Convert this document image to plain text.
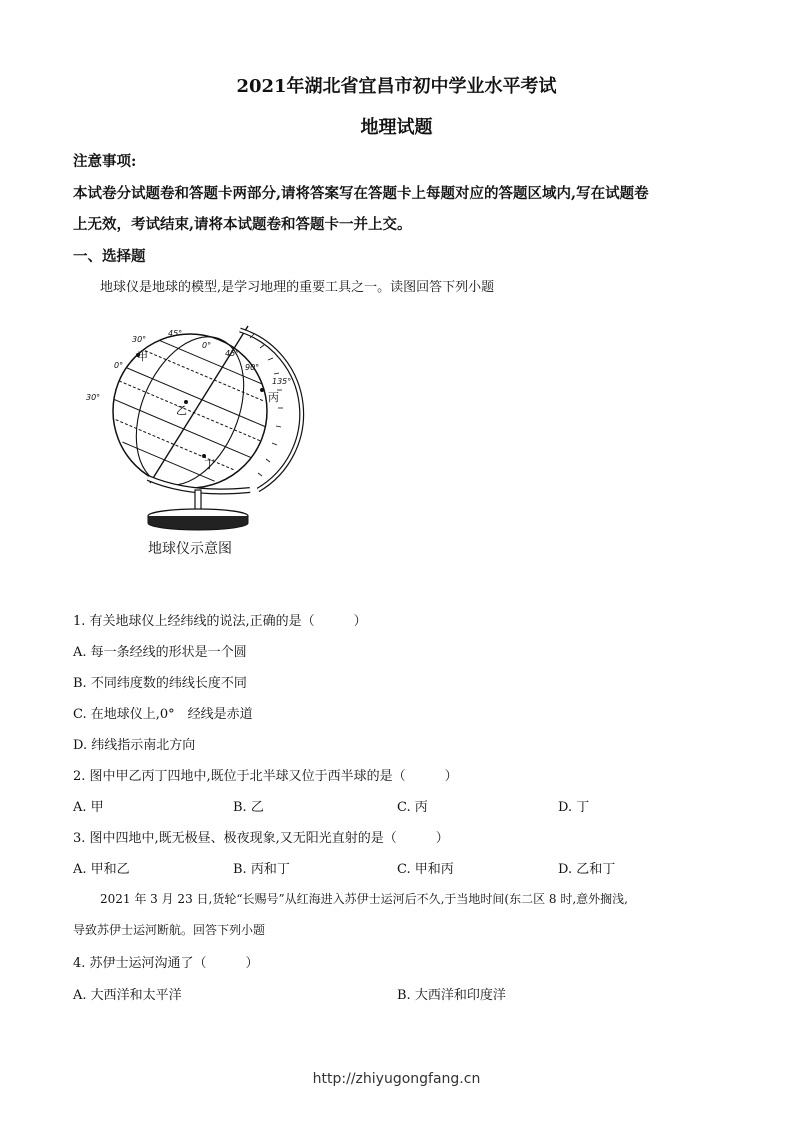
2021年湖北省宜昌市初中学业水平考试
地理试题
注意事项:
本试卷分试题卷和答题卡两部分,请将答案写在答题卡上每题对应的答题区域内,写在试题卷
上无效，考试结束,请将本试题卷和答题卡一并上交。
一、选择题
地球仪是地球的模型,是学习地理的重要工具之一。读图回答下列小题
甲
乙
丙
丁
30°
45°
0°
45°
90°
135°
0°
30°
地球仪示意图
1. 有关地球仪上经纬线的说法,正确的是（　　　）
A. 每一条经线的形状是一个圆
B. 不同纬度数的纬线长度不同
C. 在地球仪上,0°　经线是赤道
D. 纬线指示南北方向
2. 图中甲乙丙丁四地中,既位于北半球又位于西半球的是（　　　）
A. 甲	B. 乙	C. 丙	D. 丁
3. 图中四地中,既无极昼、极夜现象,又无阳光直射的是（　　　）
A. 甲和乙	B. 丙和丁	C. 甲和丙	D. 乙和丁
2021 年 3 月 23 日,货轮“长赐号”从红海进入苏伊士运河后不久,于当地时间(东二区 8 时,意外搁浅,
导致苏伊士运河断航。回答下列小题
4. 苏伊士运河沟通了（　　　）
A. 大西洋和太平洋	B. 大西洋和印度洋
http://zhiyugongfang.cn
